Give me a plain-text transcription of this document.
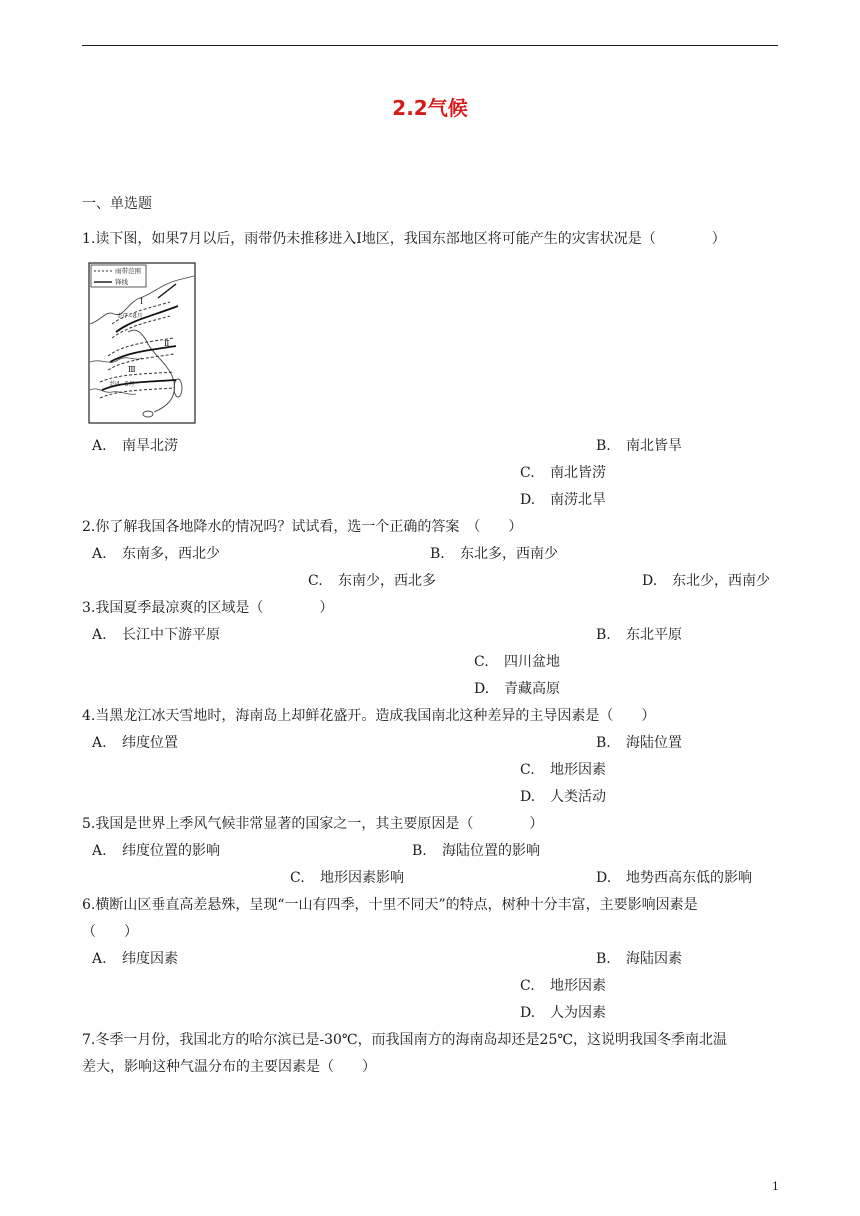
2.2气候
一、单选题
1.读下图，如果7月以后，雨带仍未推移进入Ⅰ地区，我国东部地区将可能产生的灾害状况是（　　　　）
雨带范围
锋线
Ⅰ
Ⅱ
Ⅲ
约7~8月
约4~5月
A. 南旱北涝	B. 南北皆旱
C. 南北皆涝
D. 南涝北旱
2.你了解我国各地降水的情况吗？试试看，选一个正确的答案　（　　）
A. 东南多，西北少	B. 东北多，西南少
C. 东南少，西北多	D. 东北少，西南少
3.我国夏季最凉爽的区域是（　　　　）
A. 长江中下游平原	B. 东北平原
C. 四川盆地
D. 青藏高原
4.当黑龙江冰天雪地时，海南岛上却鲜花盛开。造成我国南北这种差异的主导因素是（　　）
A. 纬度位置	B. 海陆位置
C. 地形因素
D. 人类活动
5.我国是世界上季风气候非常显著的国家之一，其主要原因是（　　　　）
A. 纬度位置的影响	B. 海陆位置的影响
C. 地形因素影响	D. 地势西高东低的影响
6.横断山区垂直高差悬殊，呈现“一山有四季，十里不同天”的特点，树种十分丰富，主要影响因素是
（　　）
A. 纬度因素	B. 海陆因素
C. 地形因素
D. 人为因素
7.冬季一月份，我国北方的哈尔滨已是-30℃，而我国南方的海南岛却还是25℃，这说明我国冬季南北温
差大，影响这种气温分布的主要因素是（　　）
1
